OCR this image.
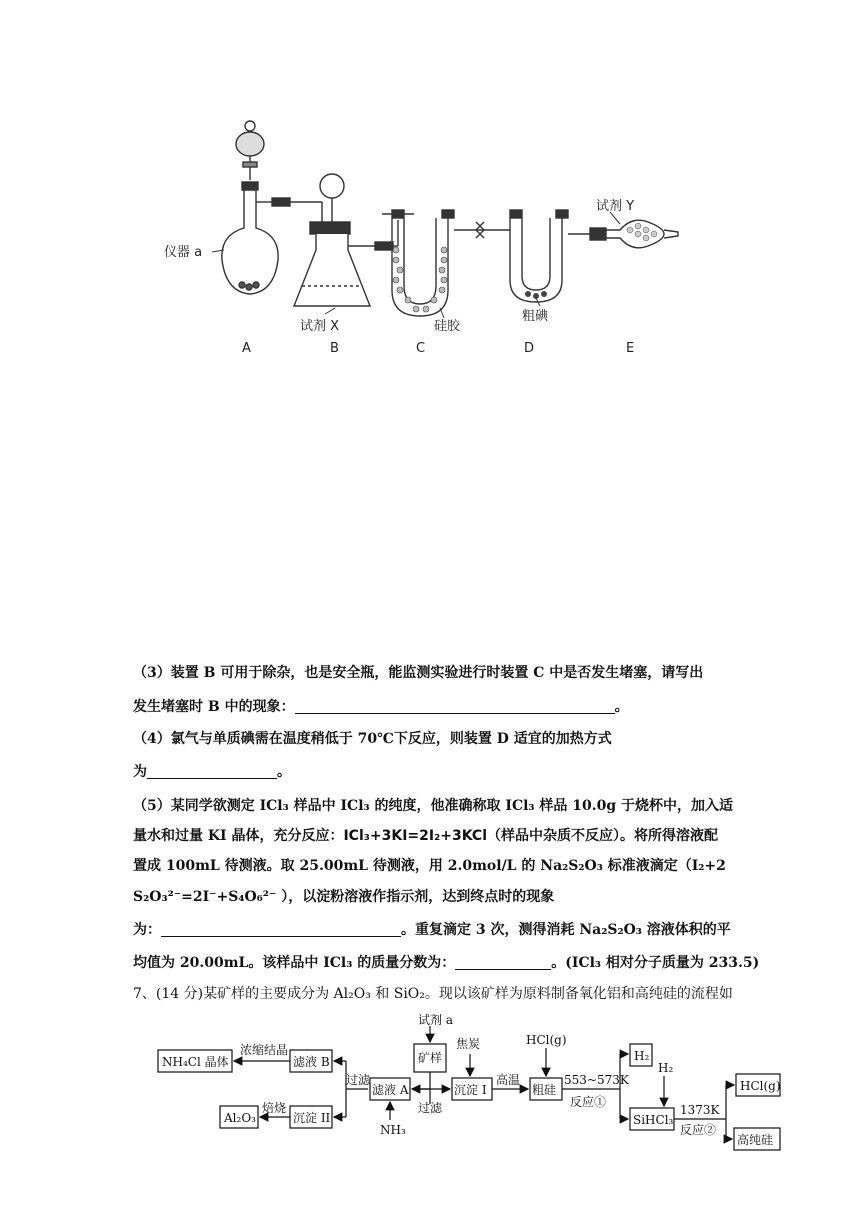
仪器 a
试剂 X	硅胶
粗碘
试剂 Y
A	B	C	D	E
（3）装置 B 可用于除杂，也是安全瓶，能监测实验进行时装置 C 中是否发生堵塞，请写出
发生堵塞时 B 中的现象：	。
（4）氯气与单质碘需在温度稍低于 70℃下反应，则装置 D 适宜的加热方式
为	。
（5）某同学欲测定 ICl₃ 样品中 ICl₃ 的纯度，他准确称取 ICl₃ 样品 10.0g 于烧杯中，加入适
量水和过量 KI 晶体，充分反应：ICl₃+3KI=2I₂+3KCl（样品中杂质不反应）。将所得溶液配
置成 100mL 待测液。取 25.00mL 待测液，用 2.0mol/L 的 Na₂S₂O₃ 标准液滴定（I₂+2
S₂O₃²⁻=2I⁻+S₄O₆²⁻ ），以淀粉溶液作指示剂，达到终点时的现象
为：	。重复滴定 3 次，测得消耗 Na₂S₂O₃ 溶液体积的平
均值为 20.00mL。该样品中 ICl₃ 的质量分数为：	。(ICl₃ 相对分子质量为 233.5)
7、(14 分)某矿样的主要成分为 Al₂O₃ 和 SiO₂。现以该矿样为原料制备氧化铝和高纯硅的流程如
NH₄Cl 晶体	滤液 B
试剂 a
矿样
焦炭	HCl(g)
H₂
H₂
HCl(g)
浓缩结晶
过滤
过滤
滤液 A	沉淀 I
高温
粗硅
553~573K
反应①
SiHCl₃
1373K
反应②
高纯硅
Al₂O₃
焙烧
沉淀 II
NH₃
